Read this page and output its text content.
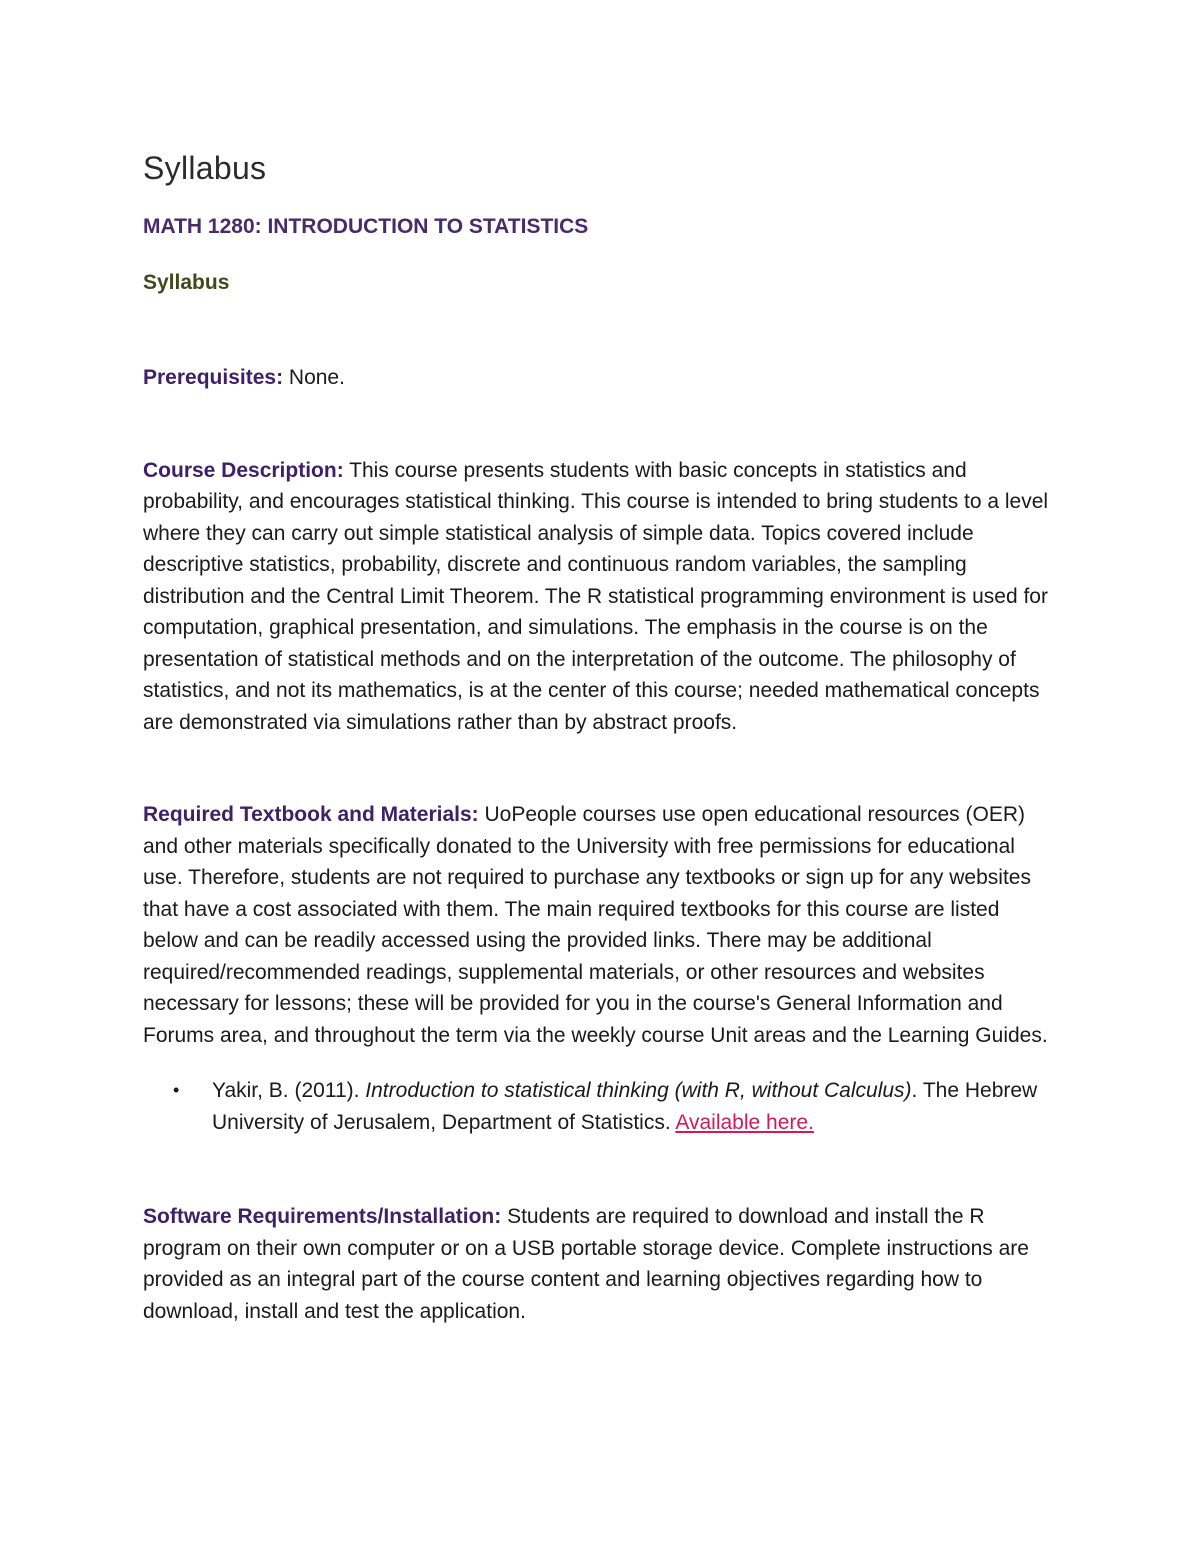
Syllabus
MATH 1280: INTRODUCTION TO STATISTICS
Syllabus

Prerequisites: None.

Course Description: This course presents students with basic concepts in statistics and probability, and encourages statistical thinking. This course is intended to bring students to a level where they can carry out simple statistical analysis of simple data. Topics covered include descriptive statistics, probability, discrete and continuous random variables, the sampling distribution and the Central Limit Theorem. The R statistical programming environment is used for computation, graphical presentation, and simulations. The emphasis in the course is on the presentation of statistical methods and on the interpretation of the outcome. The philosophy of statistics, and not its mathematics, is at the center of this course; needed mathematical concepts are demonstrated via simulations rather than by abstract proofs.

Required Textbook and Materials: UoPeople courses use open educational resources (OER) and other materials specifically donated to the University with free permissions for educational use. Therefore, students are not required to purchase any textbooks or sign up for any websites that have a cost associated with them. The main required textbooks for this course are listed below and can be readily accessed using the provided links. There may be additional required/recommended readings, supplemental materials, or other resources and websites necessary for lessons; these will be provided for you in the course's General Information and Forums area, and throughout the term via the weekly course Unit areas and the Learning Guides.

• Yakir, B. (2011). Introduction to statistical thinking (with R, without Calculus). The Hebrew University of Jerusalem, Department of Statistics. Available here.

Software Requirements/Installation: Students are required to download and install the R program on their own computer or on a USB portable storage device. Complete instructions are provided as an integral part of the course content and learning objectives regarding how to download, install and test the application.
